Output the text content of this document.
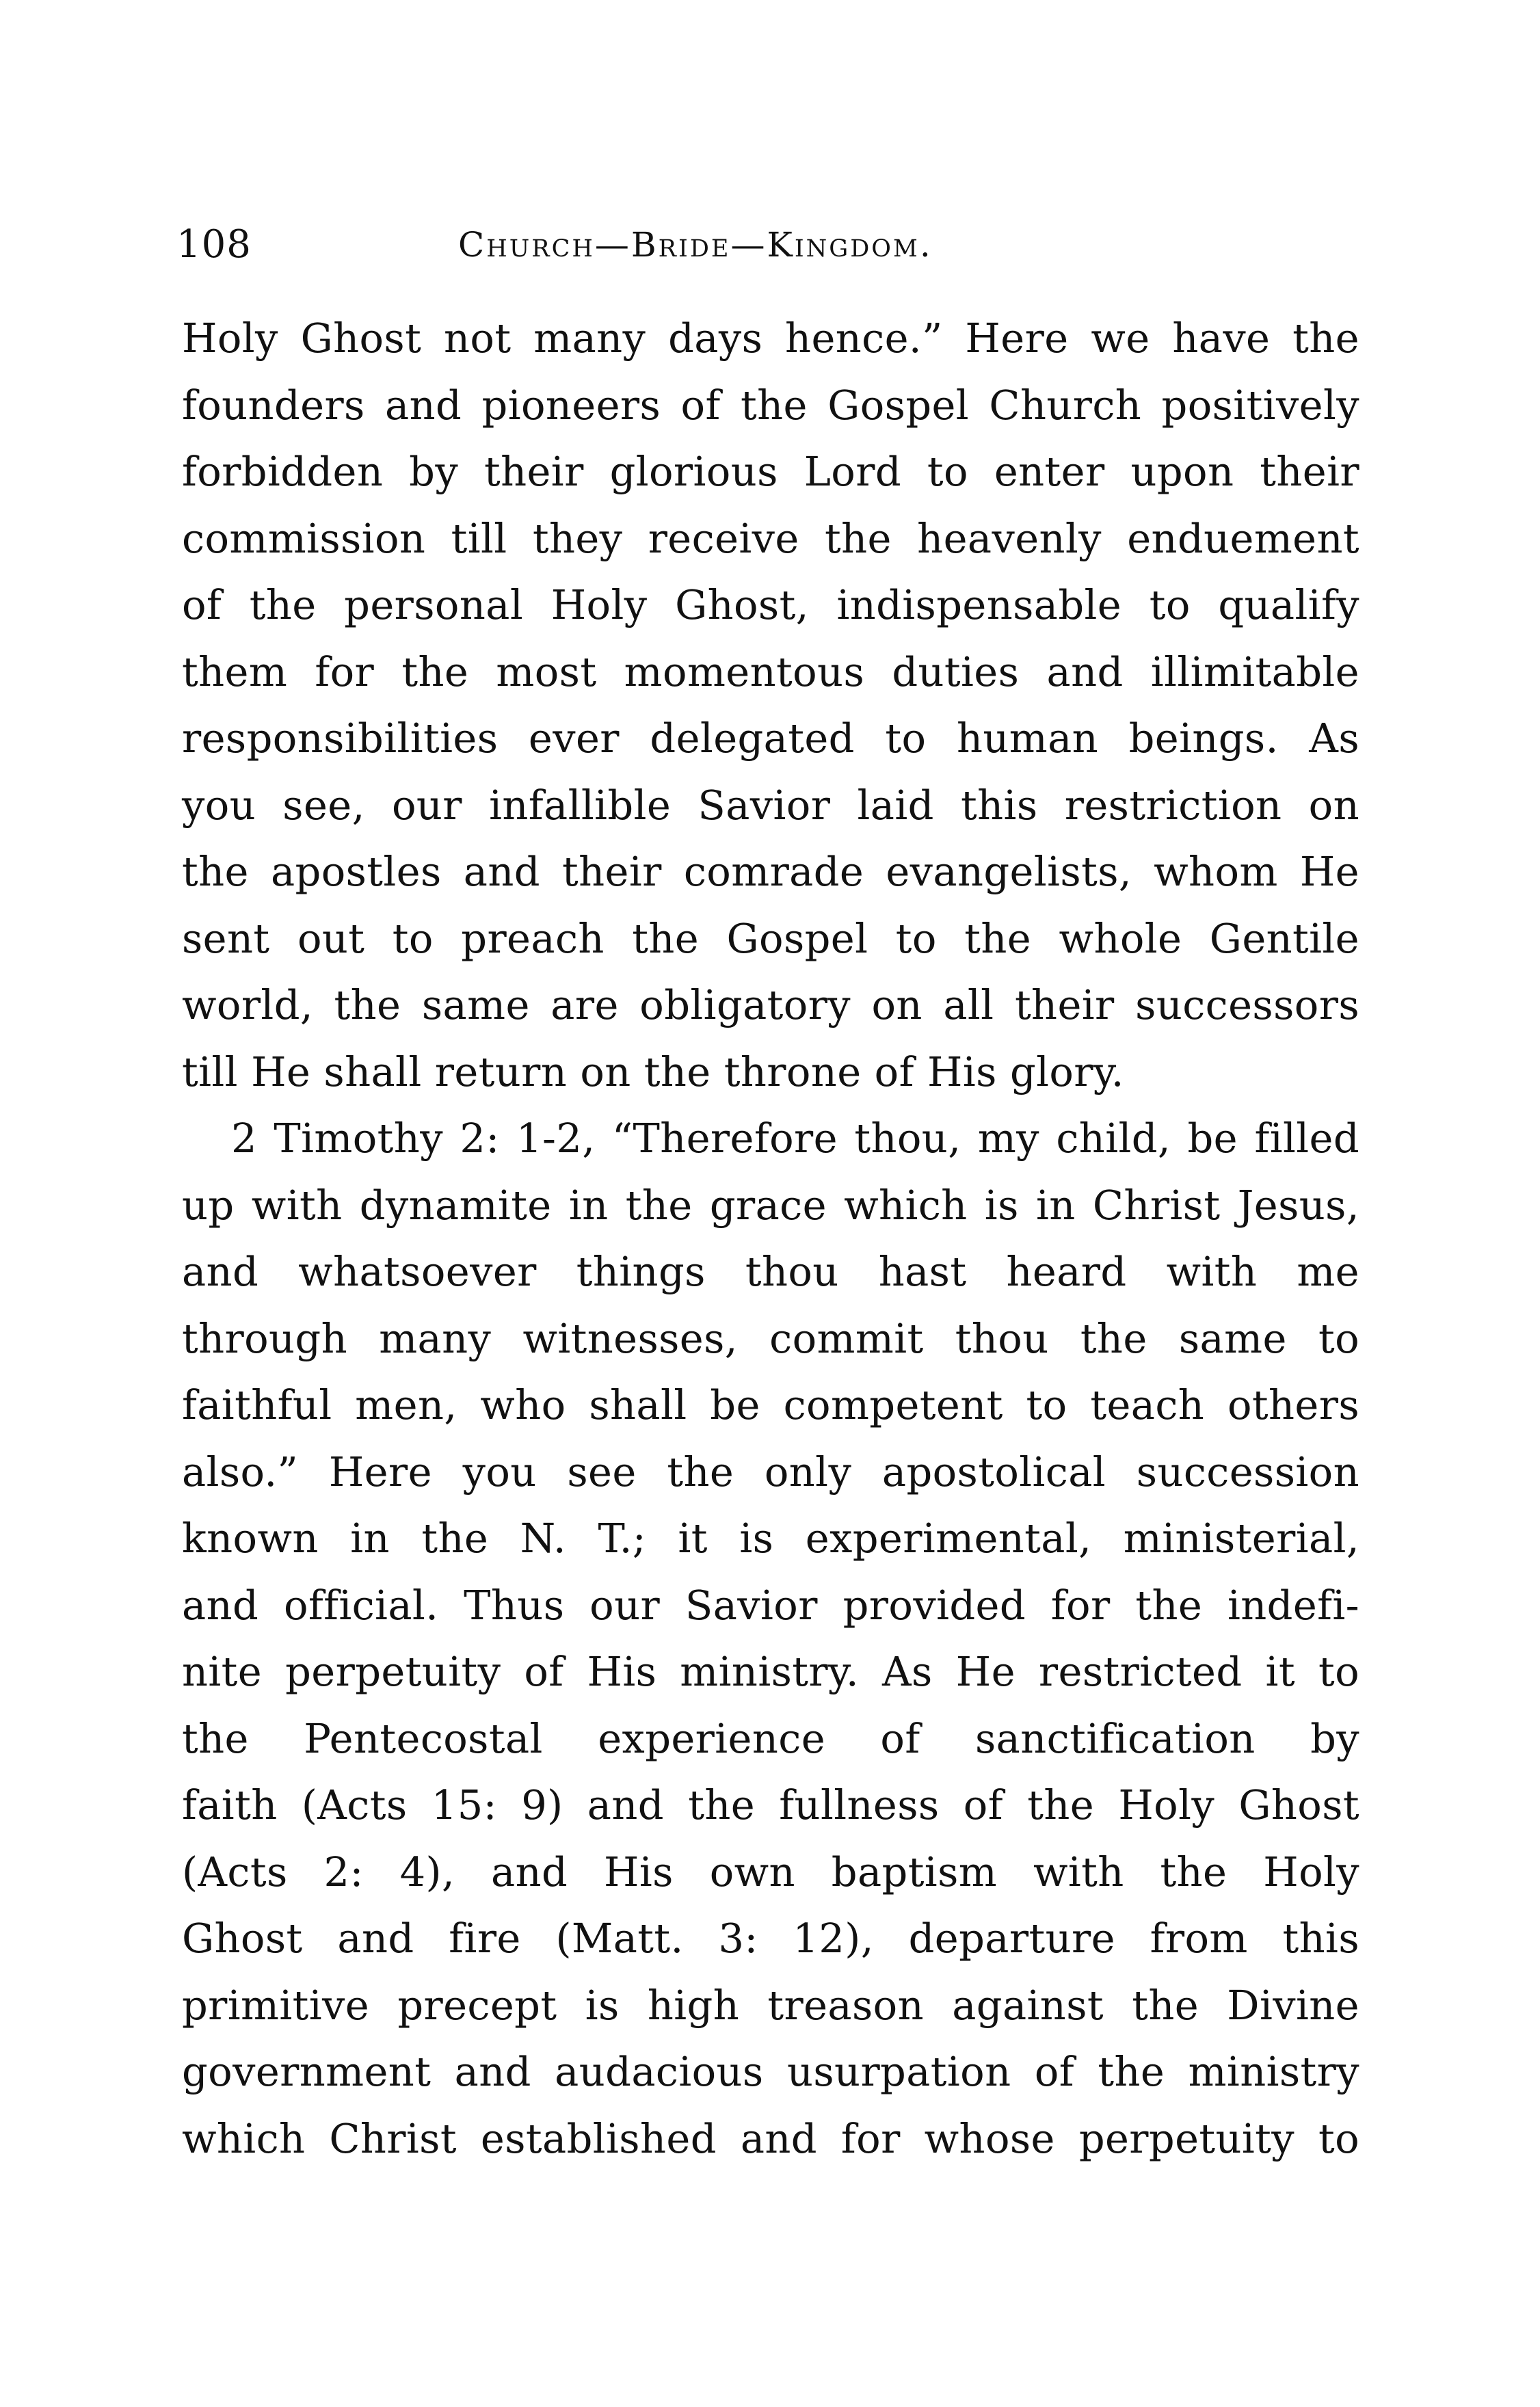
108	Church—Bride—Kingdom.

Holy Ghost not many days hence.” Here we have the
founders and pioneers of the Gospel Church positively
forbidden by their glorious Lord to enter upon their
commission till they receive the heavenly enduement
of the personal Holy Ghost, indispensable to qualify
them for the most momentous duties and illimitable
responsibilities ever delegated to human beings. As
you see, our infallible Savior laid this restriction on
the apostles and their comrade evangelists, whom He
sent out to preach the Gospel to the whole Gentile
world, the same are obligatory on all their successors
till He shall return on the throne of His glory.

2 Timothy 2: 1-2, “Therefore thou, my child, be filled
up with dynamite in the grace which is in Christ Jesus,
and whatsoever things thou hast heard with me
through many witnesses, commit thou the same to
faithful men, who shall be competent to teach others
also.” Here you see the only apostolical succession
known in the N. T.; it is experimental, ministerial,
and official. Thus our Savior provided for the indefi-
nite perpetuity of His ministry. As He restricted it to
the Pentecostal experience of sanctification by
faith (Acts 15: 9) and the fullness of the Holy Ghost
(Acts 2: 4), and His own baptism with the Holy
Ghost and fire (Matt. 3: 12), departure from this
primitive precept is high treason against the Divine
government and audacious usurpation of the ministry
which Christ established and for whose perpetuity to
